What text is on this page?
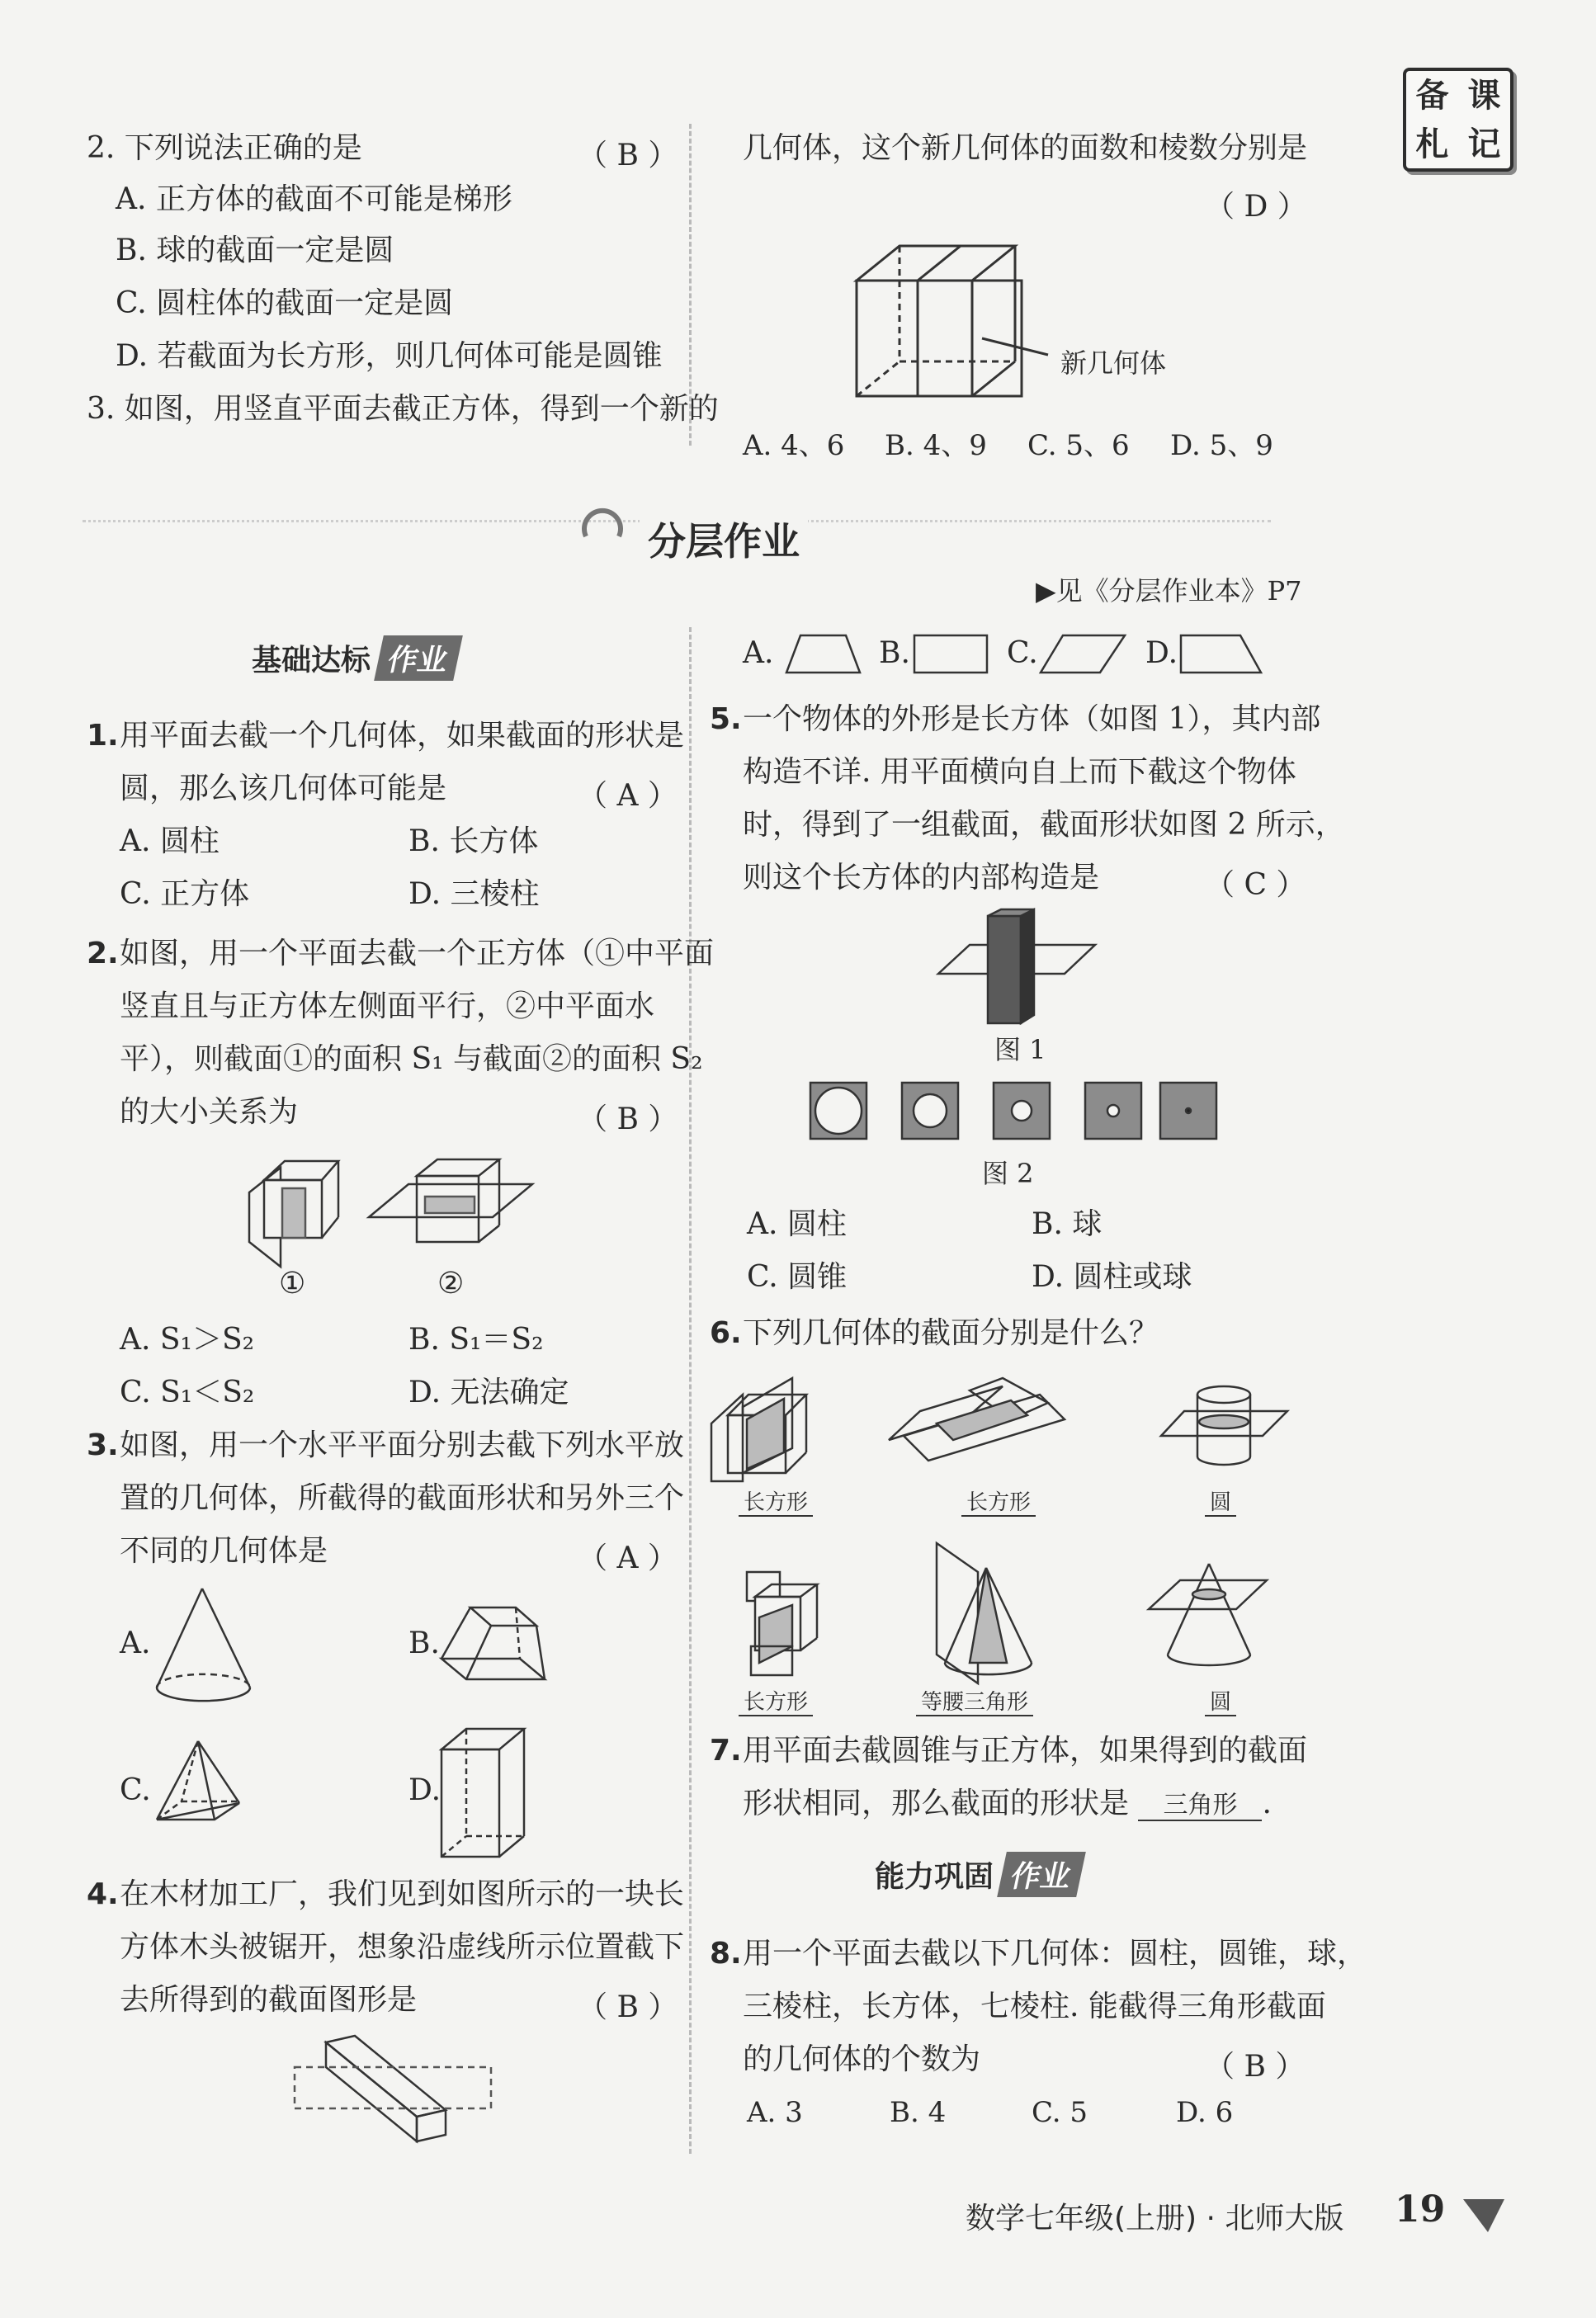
备 课
札 记
2. 下列说法正确的是	（ B ）
A. 正方体的截面不可能是梯形
B. 球的截面一定是圆
C. 圆柱体的截面一定是圆
D. 若截面为长方形，则几何体可能是圆锥
3. 如图，用竖直平面去截正方体，得到一个新的
几何体，这个新几何体的面数和棱数分别是
（ D ）
新几何体
A. 4、6 B. 4、9 C. 5、6 D. 5、9
分层作业
▶见《分层作业本》P7
基础达标 作业
1. 用平面去截一个几何体，如果截面的形状是
圆，那么该几何体可能是	（ A ）
A. 圆柱	B. 长方体
C. 正方体	D. 三棱柱
2. 如图，用一个平面去截一个正方体（①中平面
竖直且与正方体左侧面平行，②中平面水
平），则截面①的面积 S₁ 与截面②的面积 S₂
的大小关系为	（ B ）
①	②
A. S₁＞S₂	B. S₁＝S₂
C. S₁＜S₂	D. 无法确定
3. 如图，用一个水平平面分别去截下列水平放
置的几何体，所截得的截面形状和另外三个
不同的几何体是	（ A ）
A.	B.
C.	D.
4. 在木材加工厂，我们见到如图所示的一块长
方体木头被锯开，想象沿虚线所示位置截下
去所得到的截面图形是	（ B ）
A.	B.	C.	D.
5. 一个物体的外形是长方体（如图 1），其内部
构造不详. 用平面横向自上而下截这个物体
时，得到了一组截面，截面形状如图 2 所示，
则这个长方体的内部构造是	（ C ）
图 1
图 2
A. 圆柱	B. 球
C. 圆锥	D. 圆柱或球
6. 下列几何体的截面分别是什么？
长方形	长方形	圆
长方形	等腰三角形	圆
7. 用平面去截圆锥与正方体，如果得到的截面
形状相同，那么截面的形状是 三角形 .
能力巩固 作业
8. 用一个平面去截以下几何体：圆柱，圆锥，球，
三棱柱，长方体，七棱柱. 能截得三角形截面
的几何体的个数为	（ B ）
A. 3	B. 4	C. 5	D. 6
数学七年级(上册) · 北师大版 19
